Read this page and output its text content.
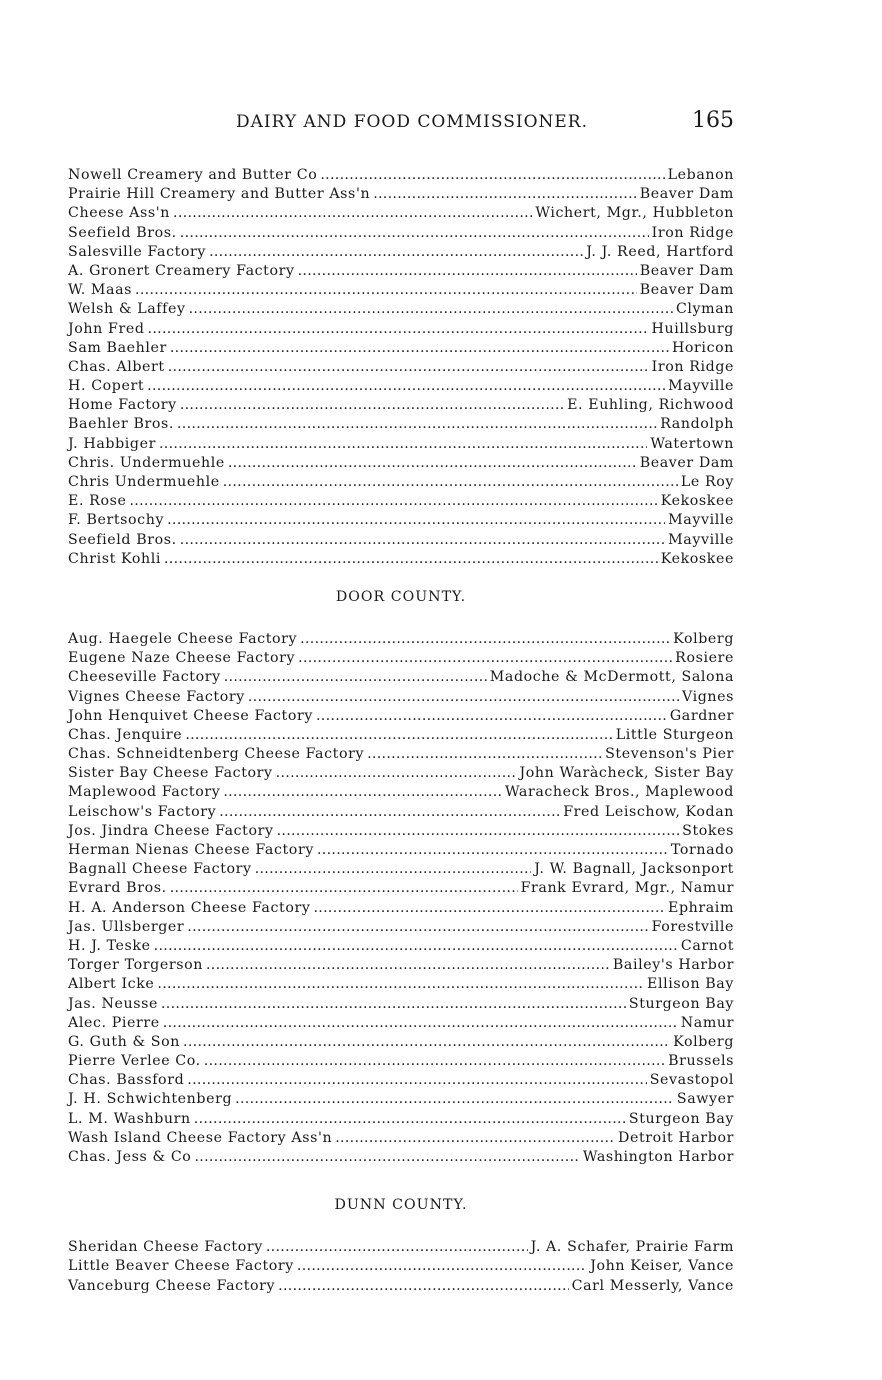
DAIRY AND FOOD COMMISSIONER.	165
Nowell Creamery and Butter Co .....	Lebanon
Prairie Hill Creamery and Butter Ass'n .....	Beaver Dam
Cheese Ass'n .....	Wichert, Mgr., Hubbleton
Seefield Bros. .....	Iron Ridge
Salesville Factory .....	J. J. Reed, Hartford
A. Gronert Creamery Factory .....	Beaver Dam
W. Maas .....	Beaver Dam
Welsh & Laffey .....	Clyman
John Fred .....	Huillsburg
Sam Baehler .....	Horicon
Chas. Albert .....	Iron Ridge
H. Copert .....	Mayville
Home Factory .....	E. Euhling, Richwood
Baehler Bros. .....	Randolph
J. Habbiger .....	Watertown
Chris. Undermuehle .....	Beaver Dam
Chris Undermuehle .....	Le Roy
E. Rose .....	Kekoskee
F. Bertsochy .....	Mayville
Seefield Bros. .....	Mayville
Christ Kohli .....	Kekoskee
DOOR COUNTY.
Aug. Haegele Cheese Factory .....	Kolberg
Eugene Naze Cheese Factory .....	Rosiere
Cheeseville Factory .....	Madoche & McDermott, Salona
Vignes Cheese Factory .....	Vignes
John Henquivet Cheese Factory .....	Gardner
Chas. Jenquire .....	Little Sturgeon
Chas. Schneidtenberg Cheese Factory .....	Stevenson's Pier
Sister Bay Cheese Factory .....	John Waràcheck, Sister Bay
Maplewood Factory .....	Waracheck Bros., Maplewood
Leischow's Factory .....	Fred Leischow, Kodan
Jos. Jindra Cheese Factory .....	Stokes
Herman Nienas Cheese Factory .....	Tornado
Bagnall Cheese Factory .....	J. W. Bagnall, Jacksonport
Evrard Bros. .....	Frank Evrard, Mgr., Namur
H. A. Anderson Cheese Factory .....	Ephraim
Jas. Ullsberger .....	Forestville
H. J. Teske .....	Carnot
Torger Torgerson .....	Bailey's Harbor
Albert Icke .....	Ellison Bay
Jas. Neusse .....	Sturgeon Bay
Alec. Pierre .....	Namur
G. Guth & Son .....	Kolberg
Pierre Verlee Co. .....	Brussels
Chas. Bassford .....	Sevastopol
J. H. Schwichtenberg .....	Sawyer
L. M. Washburn .....	Sturgeon Bay
Wash Island Cheese Factory Ass'n .....	Detroit Harbor
Chas. Jess & Co .....	Washington Harbor
DUNN COUNTY.
Sheridan Cheese Factory .....	J. A. Schafer, Prairie Farm
Little Beaver Cheese Factory .....	John Keiser, Vance
Vanceburg Cheese Factory .....	Carl Messerly, Vance
